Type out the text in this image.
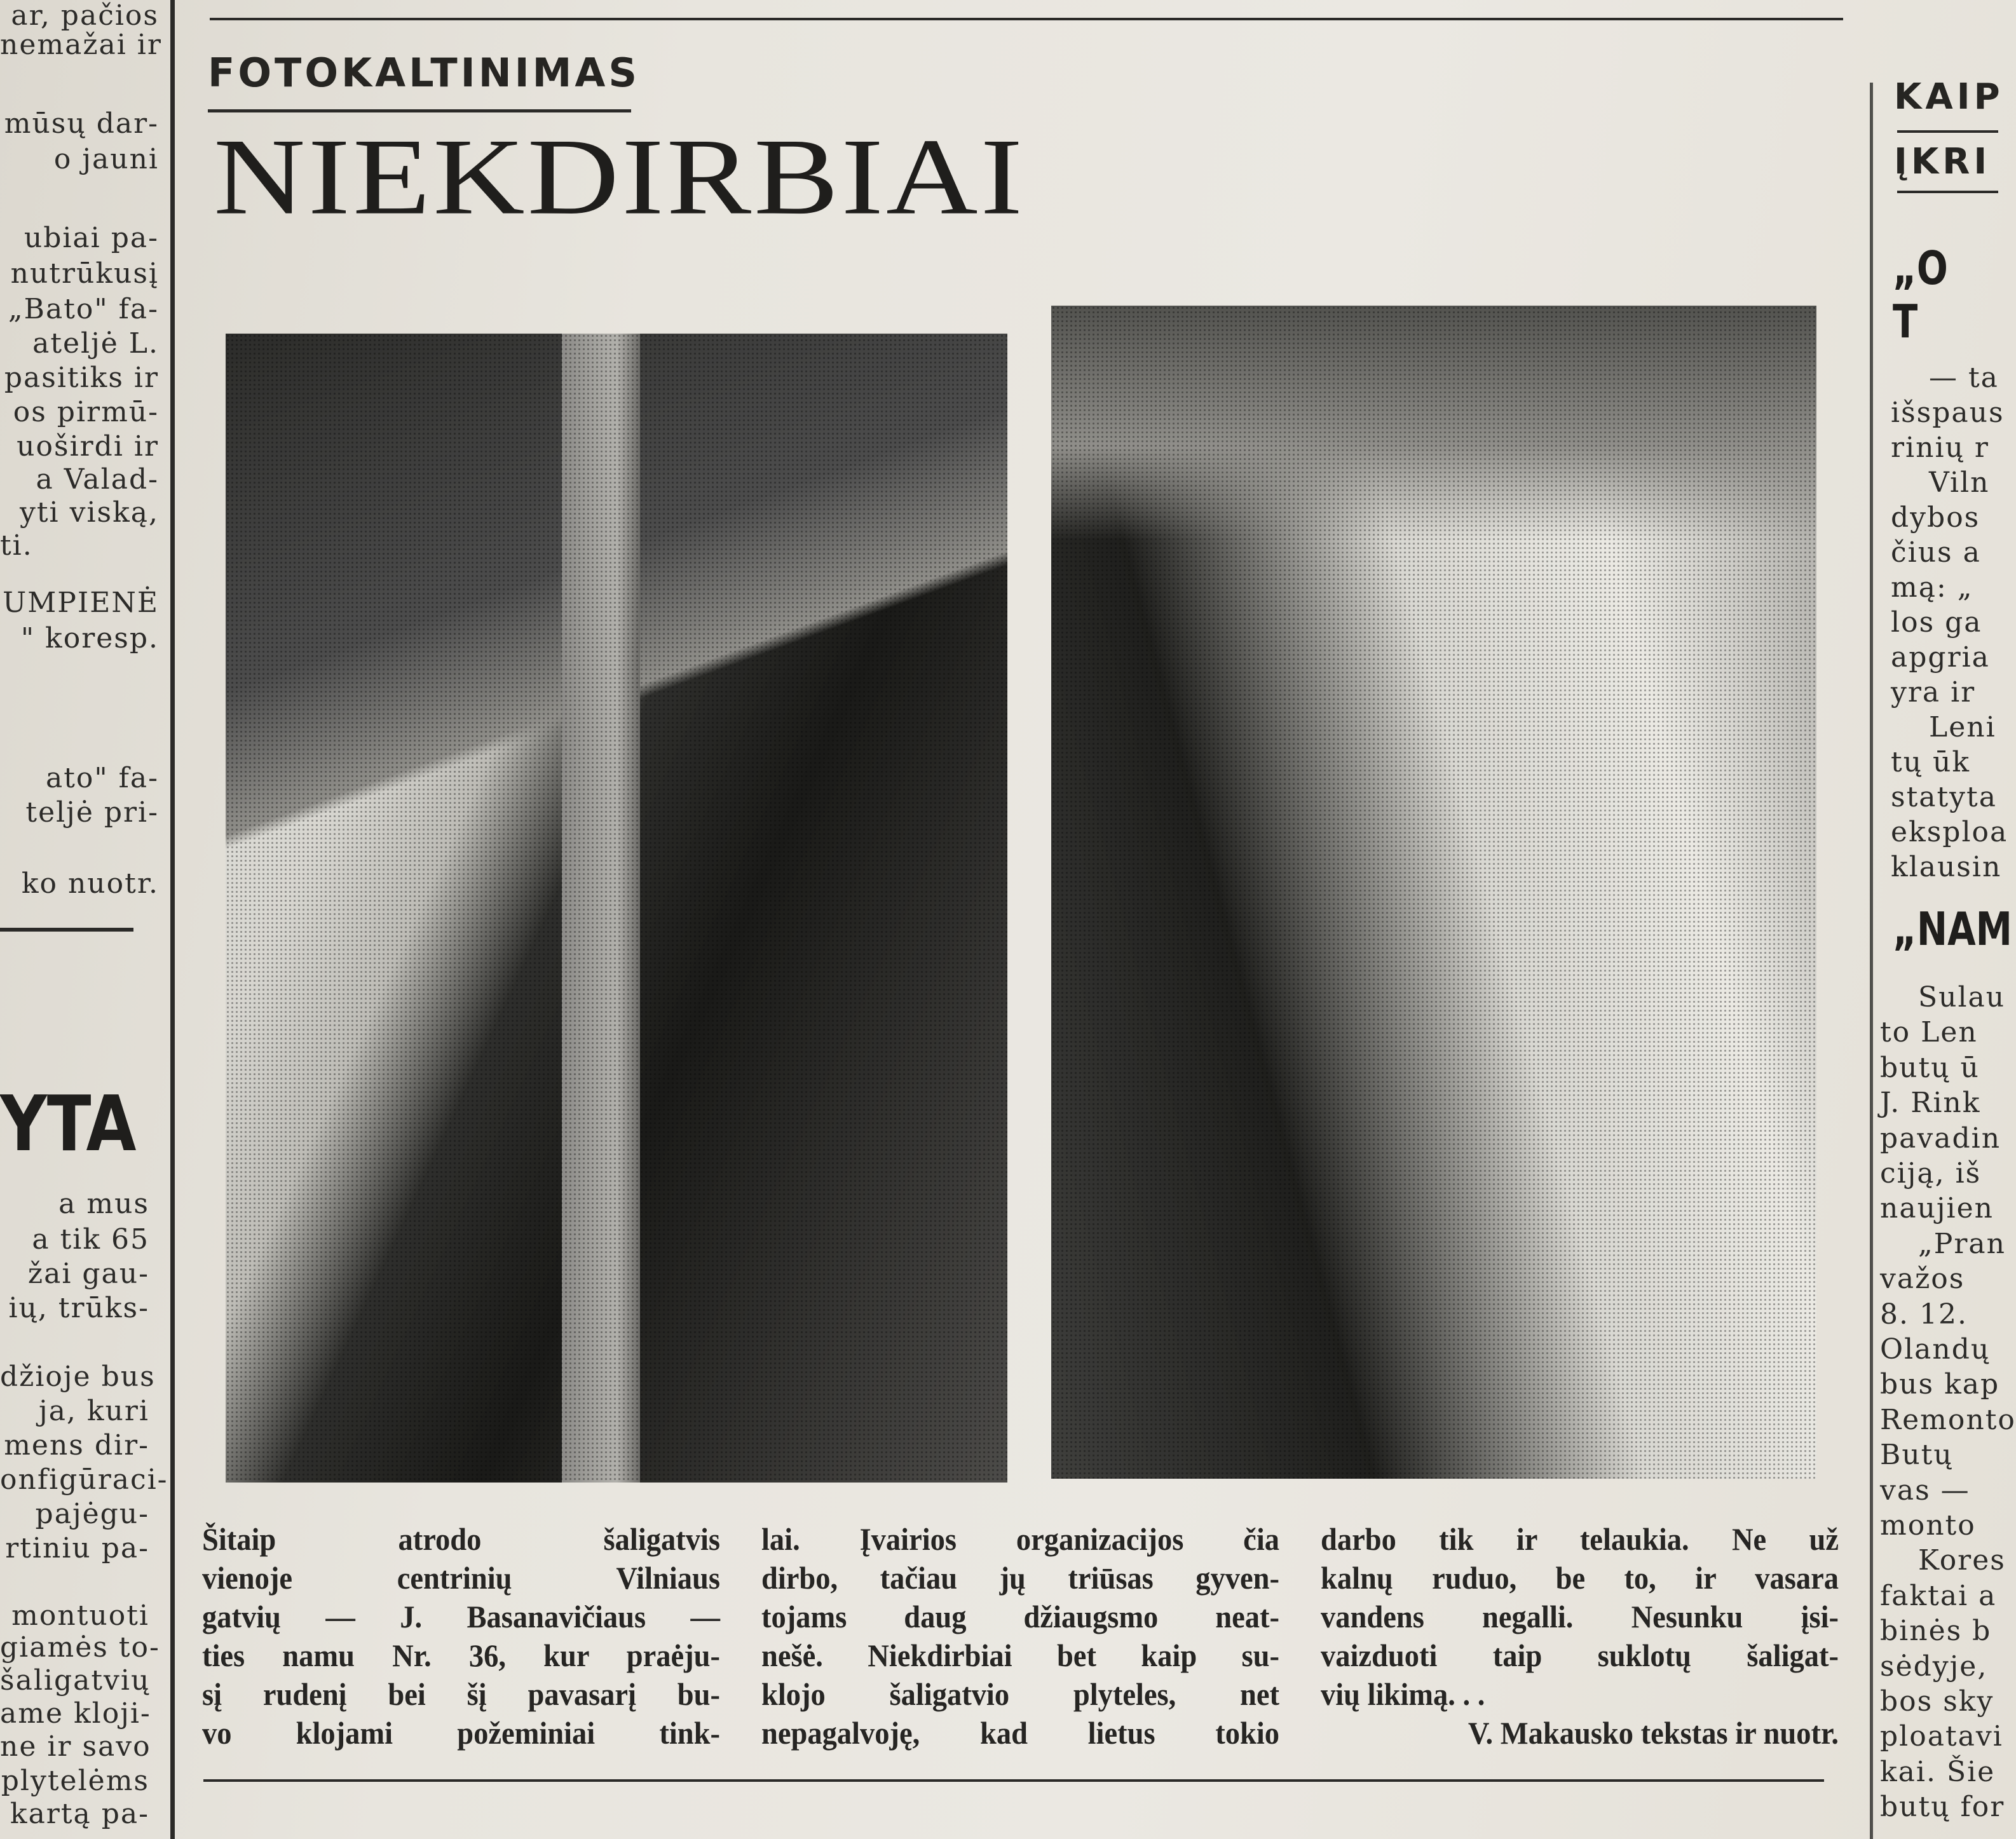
FOTOKALTINIMAS
NIEKDIRBIAI
Šitaip atrodo šaligatvis
vienoje centrinių Vilniaus
gatvių — J. Basanavičiaus —
ties namu Nr. 36, kur praėju-
sį rudenį bei šį pavasarį bu-
vo klojami požeminiai tink-
lai. Įvairios organizacijos čia
dirbo, tačiau jų triūsas gyven-
tojams daug džiaugsmo neat-
nešė. Niekdirbiai bet kaip su-
klojo šaligatvio plyteles, net
nepagalvoję, kad lietus tokio
darbo tik ir telaukia. Ne už
kalnų ruduo, be to, ir vasara
vandens negalli. Nesunku įsi-
vaizduoti taip suklotų šaligat-
vių likimą. . .
V. Makausko tekstas ir nuotr.
ar, pačios
nemažai ir
mūsų dar-
o jauni
ubiai pa-
nutrūkusį
„Bato" fa-
ateljė L.
pasitiks ir
os pirmū-
uoširdi ir
a Valad-
yti viską,
ti.
UMPIENĖ
" koresp.
ato" fa-
teljė pri-
ko nuotr.
a mus
a tik 65
žai gau-
ių, trūks-
džioje bus
ja, kuri
mens dir-
onfigūraci-
pajėgu-
rtiniu pa-
montuoti
giamės to-
šaligatvių
ame kloji-
ne ir savo
plytelėms
kartą pa-
YTA
KAIP
ĮKRI
„O T
— ta
išspaus
rinių r
Viln
dybos
čius a
mą: „
los ga
apgria
yra ir
Leni
tų ūk
statyta
eksploa
klausin
„NAM
Sulau
to Len
butų ū
J. Rink
pavadin
ciją, iš
naujien
„Pran
važos
8. 12.
Olandų
bus kap
Remonto
Butų
vas —
monto
Kores
faktai a
binės b
sėdyje,
bos sky
ploatavi
kai. Šie
butų for
